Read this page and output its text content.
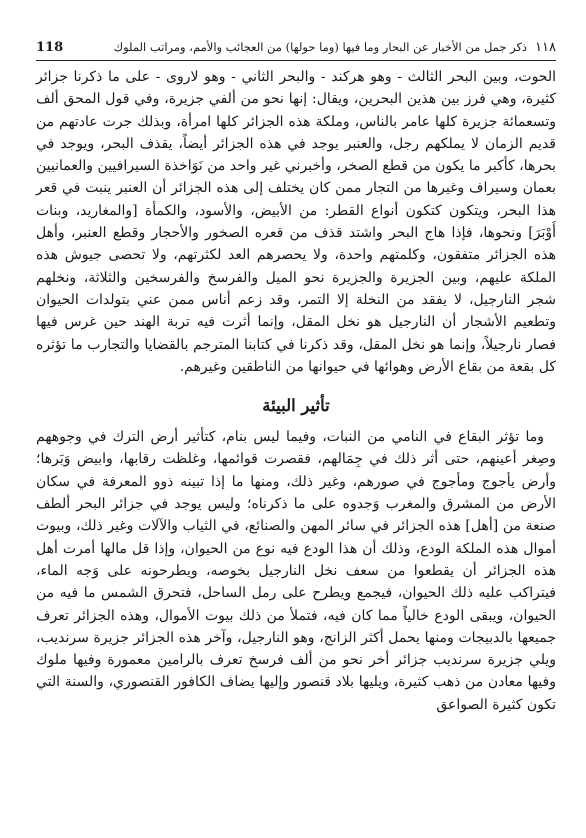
118	١١٨
ذكر جمل من الأخبار عن البحار وما فيها (وما حولها) من العجائب والأمم، ومراتب الملوك

الحوت، وبين البحر الثالث - وهو هركند - والبحر الثاني - وهو لاروى - على ما ذكرنا جزائر كثيرة، وهي فرز بين هذين البحرين، ويقال: إنها نحو من ألفي جزيرة، وفي قول المحق ألف وتسعمائة جزيرة كلها عامر بالناس، وملكة هذه الجزائر كلها امرأة، وبذلك جرت عادتهم من قديم الزمان لا يملكهم رجل، والعنبر يوجد في هذه الجزائر أيضاً، يقذف البحر، ويوجد في بحرها، كأكبر ما يكون من قطع الصخر، وأخبرني غير واحد من نَوَاخذة السيرافيين والعمانيين بعمان وسيراف وغيرها من التجار ممن كان يختلف إلى هذه الجزائر أن العنبر ينبت في قعر هذا البحر، ويتكون كتكون أنواع القطر: من الأبيض، والأسود، والكمأة [والمغاريد، وبنات أَوْبَرَ] ونحوها، فإذا هاج البحر واشتد قذف من قعره الصخور والأحجار وقطع العنبر، وأهل هذه الجزائر متفقون، وكلمتهم واحدة، ولا يحصرهم العد لكثرتهم، ولا تحصى جيوش هذه الملكة عليهم، وبين الجزيرة والجزيرة نحو الميل والفرسخ والفرسخين والثلاثة، ونخلهم شجر النارجيل، لا يفقد من النخلة إلا التمر، وقد زعم أناس ممن عني بتولدات الحيوان وتطعيم الأشجار أن النارجيل هو نخل المقل، وإنما أثرت فيه تربة الهند حين غرس فيها فصار نارجيلاً، وإنما هو نخل المقل، وقد ذكرنا في كتابنا المترجم بالقضايا والتجارب ما تؤثره كل بقعة من بقاع الأرض وهوائها في حيوانها من الناطقين وغيرهم.

تأثير البيئة

وما تؤثر البقاع في النامي من النبات، وفيما ليس بنام، كتأثير أرض الترك في وجوههم وصِغر أعينهم، حتى أثر ذلك في جِمَالهم، فقصرت قوائمها، وغلظت رقابها، وابيض وَبَرها؛ وأرض يأجوج ومأجوج في صورهم، وغير ذلك، ومنها ما إذا تبينه ذوو المعرفة في سكان الأرض من المشرق والمغرب وَجدوه على ما ذكرناه؛ وليس يوجد في جزائر البحر ألطف صنعة من [أهل] هذه الجزائر في سائر المهن والصنائع، في الثياب والآلات وغير ذلك، وبيوت أموال هذه الملكة الودع، وذلك أن هذا الودع فيه نوع من الحيوان، وإذا قل مالها أمرت أهل هذه الجزائر أن يقطعوا من سعف نخل النارجيل بخوصه، ويطرحونه على وَجه الماء، فيتراكب عليه ذلك الحيوان، فيجمع ويطرح على رمل الساحل، فتحرق الشمس ما فيه من الحيوان، ويبقى الودع خالياً مما كان فيه، فتملأ من ذلك بيوت الأموال، وهذه الجزائر تعرف جميعها بالدبيجات ومنها يحمل أكثر الزانج، وهو النارجيل، وآخر هذه الجزائر جزيرة سرنديب، ويلي جزيرة سرنديب جزائر أخر نحو من ألف فرسخ تعرف بالرامين معمورة وفيها ملوك وفيها معادن من ذهب كثيرة، ويليها بلاد قنصور وإليها يضاف الكافور القنصوري، والسنة التي تكون كثيرة الصواعق
